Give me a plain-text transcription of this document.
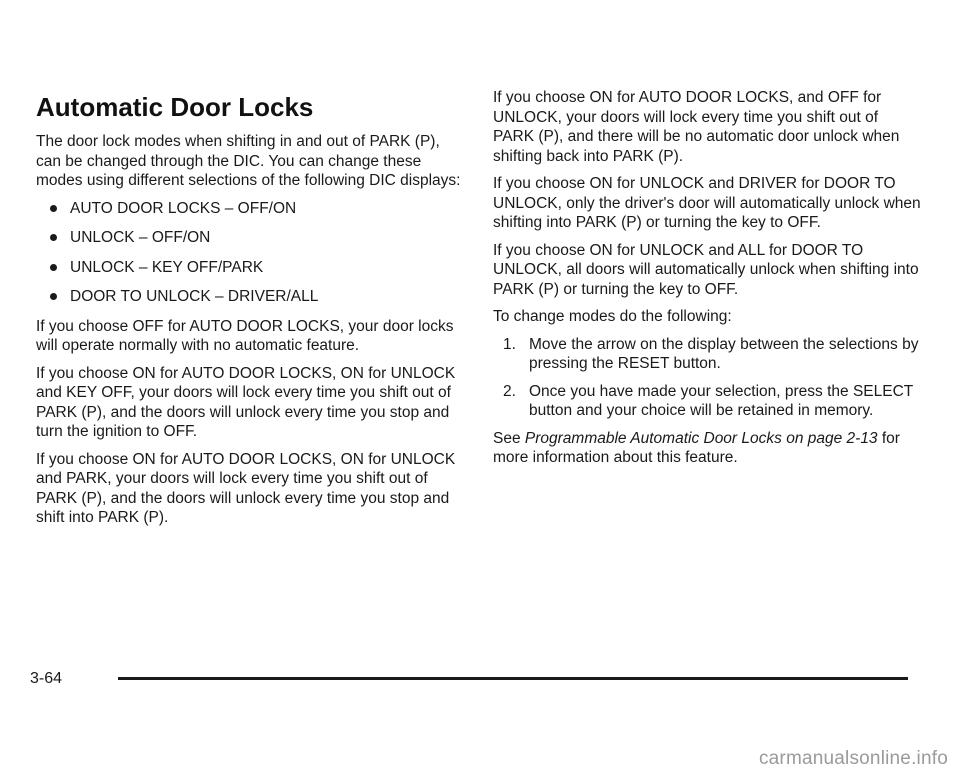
Automatic Door Locks

The door lock modes when shifting in and out of PARK (P), can be changed through the DIC. You can change these modes using different selections of the following DIC displays:

AUTO DOOR LOCKS – OFF/ON
UNLOCK – OFF/ON
UNLOCK – KEY OFF/PARK
DOOR TO UNLOCK – DRIVER/ALL

If you choose OFF for AUTO DOOR LOCKS, your door locks will operate normally with no automatic feature.

If you choose ON for AUTO DOOR LOCKS, ON for UNLOCK and KEY OFF, your doors will lock every time you shift out of PARK (P), and the doors will unlock every time you stop and turn the ignition to OFF.

If you choose ON for AUTO DOOR LOCKS, ON for UNLOCK and PARK, your doors will lock every time you shift out of PARK (P), and the doors will unlock every time you stop and shift into PARK (P).

If you choose ON for AUTO DOOR LOCKS, and OFF for UNLOCK, your doors will lock every time you shift out of PARK (P), and there will be no automatic door unlock when shifting back into PARK (P).

If you choose ON for UNLOCK and DRIVER for DOOR TO UNLOCK, only the driver's door will automatically unlock when shifting into PARK (P) or turning the key to OFF.

If you choose ON for UNLOCK and ALL for DOOR TO UNLOCK, all doors will automatically unlock when shifting into PARK (P) or turning the key to OFF.

To change modes do the following:

1. Move the arrow on the display between the selections by pressing the RESET button.
2. Once you have made your selection, press the SELECT button and your choice will be retained in memory.

See Programmable Automatic Door Locks on page 2-13 for more information about this feature.

3-64
carmanualsonline.info
